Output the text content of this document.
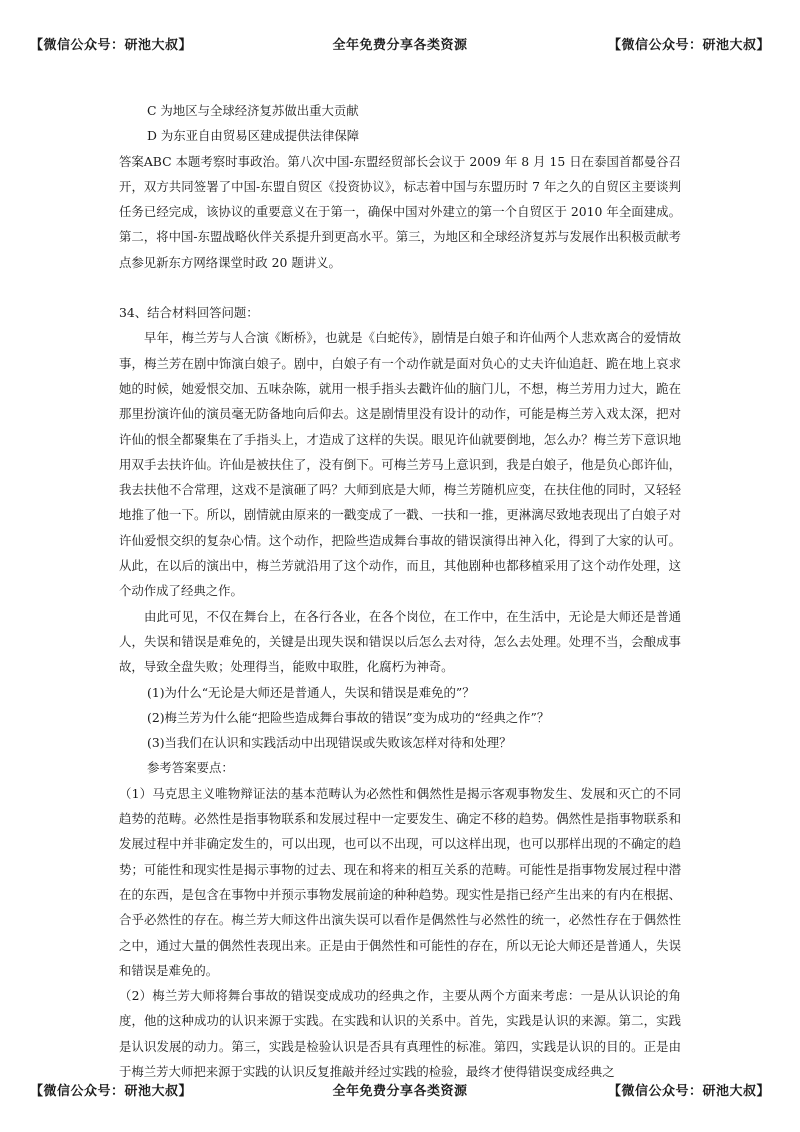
【微信公众号：研池大叔】	全年免费分享各类资源	【微信公众号：研池大叔】

C 为地区与全球经济复苏做出重大贡献

D 为东亚自由贸易区建成提供法律保障

答案ABC 本题考察时事政治。第八次中国-东盟经贸部长会议于 2009 年 8 月 15 日在泰国首都曼谷召开，双方共同签署了中国-东盟自贸区《投资协议》，标志着中国与东盟历时 7 年之久的自贸区主要谈判任务已经完成，该协议的重要意义在于第一，确保中国对外建立的第一个自贸区于 2010 年全面建成。第二，将中国-东盟战略伙伴关系提升到更高水平。第三，为地区和全球经济复苏与发展作出积极贡献考点参见新东方网络课堂时政 20 题讲义。

34、结合材料回答问题：

早年，梅兰芳与人合演《断桥》，也就是《白蛇传》，剧情是白娘子和许仙两个人悲欢离合的爱情故事，梅兰芳在剧中饰演白娘子。剧中，白娘子有一个动作就是面对负心的丈夫许仙追赶、跪在地上哀求她的时候，她爱恨交加、五味杂陈，就用一根手指头去戳许仙的脑门儿，不想，梅兰芳用力过大，跪在那里扮演许仙的演员毫无防备地向后仰去。这是剧情里没有设计的动作，可能是梅兰芳入戏太深，把对许仙的恨全都聚集在了手指头上，才造成了这样的失误。眼见许仙就要倒地，怎么办？梅兰芳下意识地用双手去扶许仙。许仙是被扶住了，没有倒下。可梅兰芳马上意识到，我是白娘子，他是负心郎许仙，我去扶他不合常理，这戏不是演砸了吗？大师到底是大师，梅兰芳随机应变，在扶住他的同时，又轻轻地推了他一下。所以，剧情就由原来的一戳变成了一戳、一扶和一推，更淋漓尽致地表现出了白娘子对许仙爱恨交织的复杂心情。这个动作，把险些造成舞台事故的错误演得出神入化，得到了大家的认可。从此，在以后的演出中，梅兰芳就沿用了这个动作，而且，其他剧种也都移植采用了这个动作处理，这个动作成了经典之作。

由此可见，不仅在舞台上，在各行各业，在各个岗位，在工作中，在生活中，无论是大师还是普通人，失误和错误是难免的，关键是出现失误和错误以后怎么去对待，怎么去处理。处理不当，会酿成事故，导致全盘失败；处理得当，能败中取胜，化腐朽为神奇。

(1)为什么“无论是大师还是普通人，失误和错误是难免的”？

(2)梅兰芳为什么能“把险些造成舞台事故的错误”变为成功的“经典之作”？

(3)当我们在认识和实践活动中出现错误或失败该怎样对待和处理？

参考答案要点：

（1）马克思主义唯物辩证法的基本范畴认为必然性和偶然性是揭示客观事物发生、发展和灭亡的不同趋势的范畴。必然性是指事物联系和发展过程中一定要发生、确定不移的趋势。偶然性是指事物联系和发展过程中并非确定发生的，可以出现，也可以不出现，可以这样出现，也可以那样出现的不确定的趋势；可能性和现实性是揭示事物的过去、现在和将来的相互关系的范畴。可能性是指事物发展过程中潜在的东西，是包含在事物中并预示事物发展前途的种种趋势。现实性是指已经产生出来的有内在根据、合乎必然性的存在。梅兰芳大师这件出演失误可以看作是偶然性与必然性的统一，必然性存在于偶然性之中，通过大量的偶然性表现出来。正是由于偶然性和可能性的存在，所以无论大师还是普通人，失误和错误是难免的。

（2）梅兰芳大师将舞台事故的错误变成成功的经典之作，主要从两个方面来考虑：一是从认识论的角度，他的这种成功的认识来源于实践。在实践和认识的关系中。首先，实践是认识的来源。第二，实践是认识发展的动力。第三，实践是检验认识是否具有真理性的标准。第四，实践是认识的目的。正是由于梅兰芳大师把来源于实践的认识反复推敲并经过实践的检验，最终才使得错误变成经典之

【微信公众号：研池大叔】	全年免费分享各类资源	【微信公众号：研池大叔】
